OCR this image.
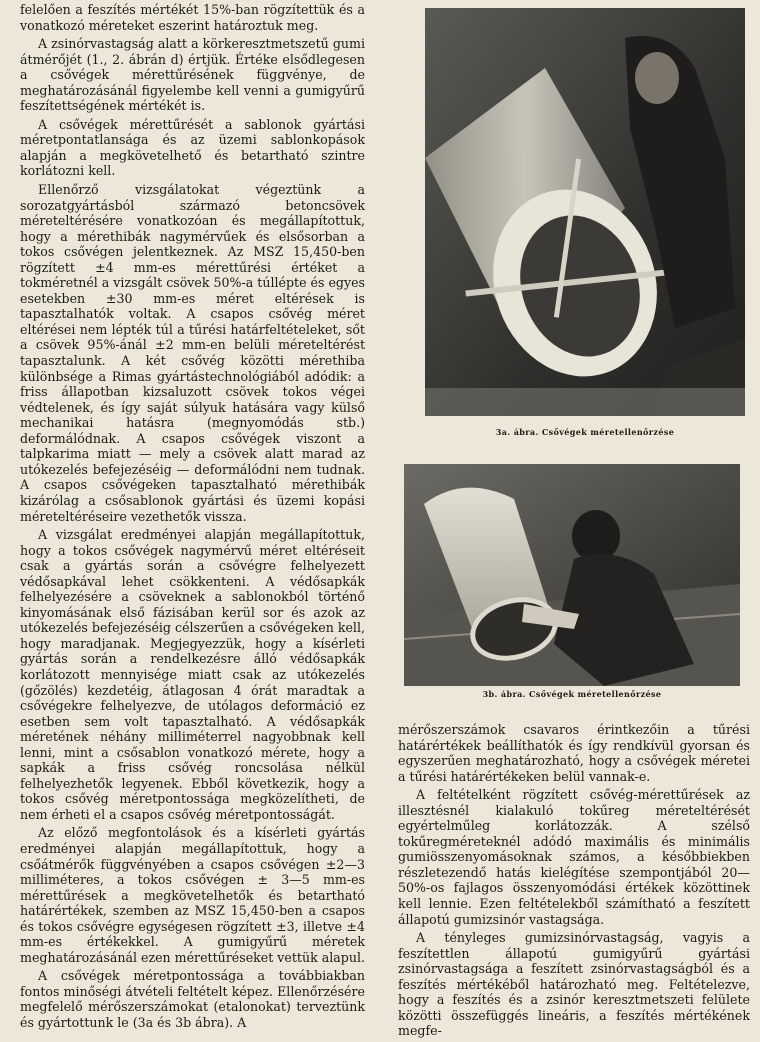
felelően a feszítés mértékét 15%-ban rögzítettük és a vonatkozó méreteket eszerint határoztuk meg.

A zsinórvastagság alatt a körkeresztmetszetű gumi átmérőjét (1., 2. ábrán d) értjük. Értéke elsődlegesen a csővégek mérettűrésének függvénye, de meghatározásánál figyelembe kell venni a gumigyűrű feszítettségének mértékét is.

A csővégek mérettűrését a sablonok gyártási méretpontatlansága és az üzemi sablonkopások alapján a megkövetelhető és betartható szintre korlátozni kell.

Ellenőrző vizsgálatokat végeztünk a sorozatgyártásból származó betoncsövek méreteltérésére vonatkozóan és megállapítottuk, hogy a mérethibák nagymérvűek és elsősorban a tokos csővégen jelentkeznek. Az MSZ 15,450-ben rögzített ±4 mm-es mérettűrési értéket a tokméretnél a vizsgált csövek 50%-a túllépte és egyes esetekben ±30 mm-es méret eltérések is tapasztalhatók voltak. A csapos csővég méret eltérései nem lépték túl a tűrési határfeltételeket, sőt a csövek 95%-ánál ±2 mm-en belüli méreteltérést tapasztalunk. A két csővég közötti mérethiba különbsége a Rimas gyártástechnológiából adódik: a friss állapotban kizsaluzott csövek tokos végei védtelenek, és így saját súlyuk hatására vagy külső mechanikai hatásra (megnyomódás stb.) deformálódnak. A csapos csővégek viszont a talpkarima miatt — mely a csövek alatt marad az utókezelés befejezéséig — deformálódni nem tudnak. A csapos csővégeken tapasztalható mérethibák kizárólag a csősablonok gyártási és üzemi kopási méreteltéréseire vezethetők vissza.

A vizsgálat eredményei alapján megállapítottuk, hogy a tokos csővégek nagymérvű méret eltéréseit csak a gyártás során a csővégre felhelyezett védősapkával lehet csökkenteni. A védősapkák felhelyezésére a csöveknek a sablonokból történő kinyomásának első fázisában kerül sor és azok az utókezelés befejezéséig célszerűen a csővégeken kell, hogy maradjanak. Megjegyezzük, hogy a kísérleti gyártás során a rendelkezésre álló védősapkák korlátozott mennyisége miatt csak az utókezelés (gőzölés) kezdetéig, átlagosan 4 órát maradtak a csővégekre felhelyezve, de utólagos deformáció ez esetben sem volt tapasztalható. A védősapkák méretének néhány milliméterrel nagyobbnak kell lenni, mint a csősablon vonatkozó mérete, hogy a sapkák a friss csővég roncsolása nélkül felhelyezhetők legyenek. Ebből következik, hogy a tokos csővég méretpontossága megközelítheti, de nem érheti el a csapos csővég méretpontosságát.

Az előző megfontolások és a kísérleti gyártás eredményei alapján megállapítottuk, hogy a csőátmérők függvényében a csapos csővégen ±2—3 milliméteres, a tokos csővégen ± 3—5 mm-es mérettűrések a megkövetelhetők és betartható határértékek, szemben az MSZ 15,450-ben a csapos és tokos csővégre egységesen rögzített ±3, illetve ±4 mm-es értékekkel. A gumigyűrű méretek meghatározásánál ezen mérettűréseket vettük alapul.

A csővégek méretpontossága a továbbiakban fontos minőségi átvételi feltételt képez. Ellenőrzésére megfelelő mérőszerszámokat (etalonokat) terveztünk és gyártottunk le (3a és 3b ábra). A

3a. ábra. Csővégek méretellenőrzése
3b. ábra. Csővégek méretellenőrzése

mérőszerszámok csavaros érintkezőin a tűrési határértékek beállíthatók és így rendkívül gyorsan és egyszerűen meghatározható, hogy a csővégek méretei a tűrési határértékeken belül vannak-e.

A feltételként rögzített csővég-mérettűrések az illesztésnél kialakuló tokűreg méreteltérését egyértelműleg korlátozzák. A szélső tokűregméreteknél adódó maximális és minimális gumiösszenyomásoknak számos, a későbbiekben részletezendő hatás kielégítése szempontjából 20—50%-os fajlagos összenyomódási értékek közöttinek kell lennie. Ezen feltételekből számítható a feszített állapotú gumizsinór vastagsága.

A tényleges gumizsinórvastagság, vagyis a feszítettlen állapotú gumigyűrű gyártási zsinórvastagsága a feszített zsinórvastagságból és a feszítés mértékéből határozható meg. Feltételezve, hogy a feszítés és a zsinór keresztmetszeti felülete közötti összefüggés lineáris, a feszítés mértékének megfe-
